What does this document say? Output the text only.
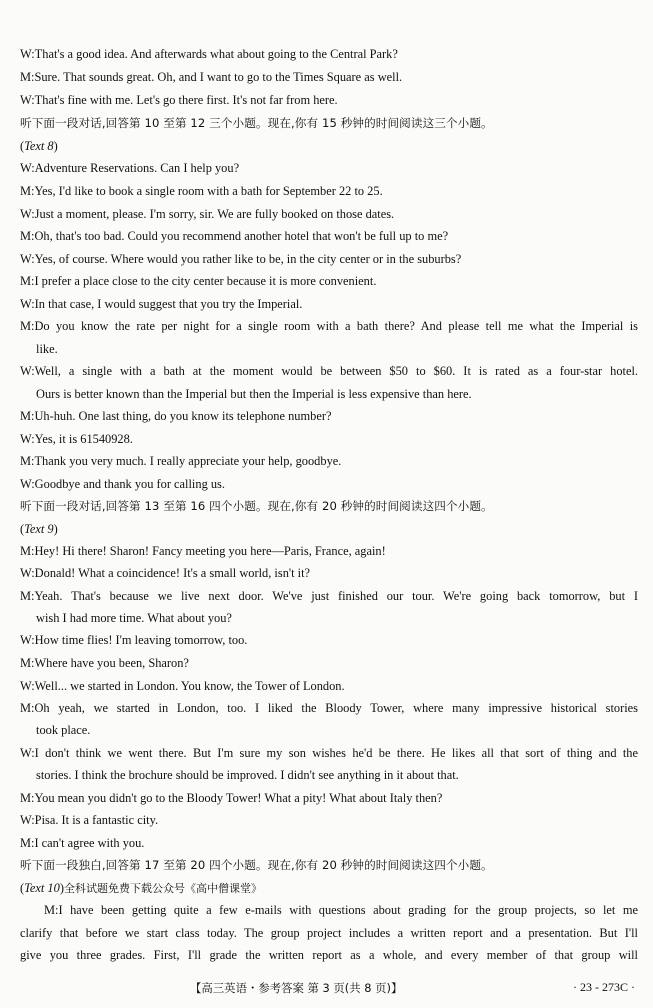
W:That's a good idea. And afterwards what about going to the Central Park?
M:Sure. That sounds great. Oh, and I want to go to the Times Square as well.
W:That's fine with me. Let's go there first. It's not far from here.
听下面一段对话,回答第 10 至第 12 三个小题。现在,你有 15 秒钟的时间阅读这三个小题。
(Text 8)
W:Adventure Reservations. Can I help you?
M:Yes, I'd like to book a single room with a bath for September 22 to 25.
W:Just a moment, please. I'm sorry, sir. We are fully booked on those dates.
M:Oh, that's too bad. Could you recommend another hotel that won't be full up to me?
W:Yes, of course. Where would you rather like to be, in the city center or in the suburbs?
M:I prefer a place close to the city center because it is more convenient.
W:In that case, I would suggest that you try the Imperial.
M:Do you know the rate per night for a single room with a bath there? And please tell me what the Imperial is
like.
W:Well, a single with a bath at the moment would be between $50 to $60. It is rated as a four-star hotel.
Ours is better known than the Imperial but then the Imperial is less expensive than here.
M:Uh-huh. One last thing, do you know its telephone number?
W:Yes, it is 61540928.
M:Thank you very much. I really appreciate your help, goodbye.
W:Goodbye and thank you for calling us.
听下面一段对话,回答第 13 至第 16 四个小题。现在,你有 20 秒钟的时间阅读这四个小题。
(Text 9)
M:Hey! Hi there! Sharon! Fancy meeting you here—Paris, France, again!
W:Donald! What a coincidence! It's a small world, isn't it?
M:Yeah. That's because we live next door. We've just finished our tour. We're going back tomorrow, but I
wish I had more time. What about you?
W:How time flies! I'm leaving tomorrow, too.
M:Where have you been, Sharon?
W:Well... we started in London. You know, the Tower of London.
M:Oh yeah, we started in London, too. I liked the Bloody Tower, where many impressive historical stories
took place.
W:I don't think we went there. But I'm sure my son wishes he'd be there. He likes all that sort of thing and the
stories. I think the brochure should be improved. I didn't see anything in it about that.
M:You mean you didn't go to the Bloody Tower! What a pity! What about Italy then?
W:Pisa. It is a fantastic city.
M:I can't agree with you.
听下面一段独白,回答第 17 至第 20 四个小题。现在,你有 20 秒钟的时间阅读这四个小题。
(Text 10)全科试题免费下载公众号《高中僧课堂》
M:I have been getting quite a few e-mails with questions about grading for the group projects, so let me
clarify that before we start class today. The group project includes a written report and a presentation. But I'll
give you three grades. First, I'll grade the written report as a whole, and every member of that group will
【高三英语・参考答案 第 3 页(共 8 页)】	· 23 - 273C ·
